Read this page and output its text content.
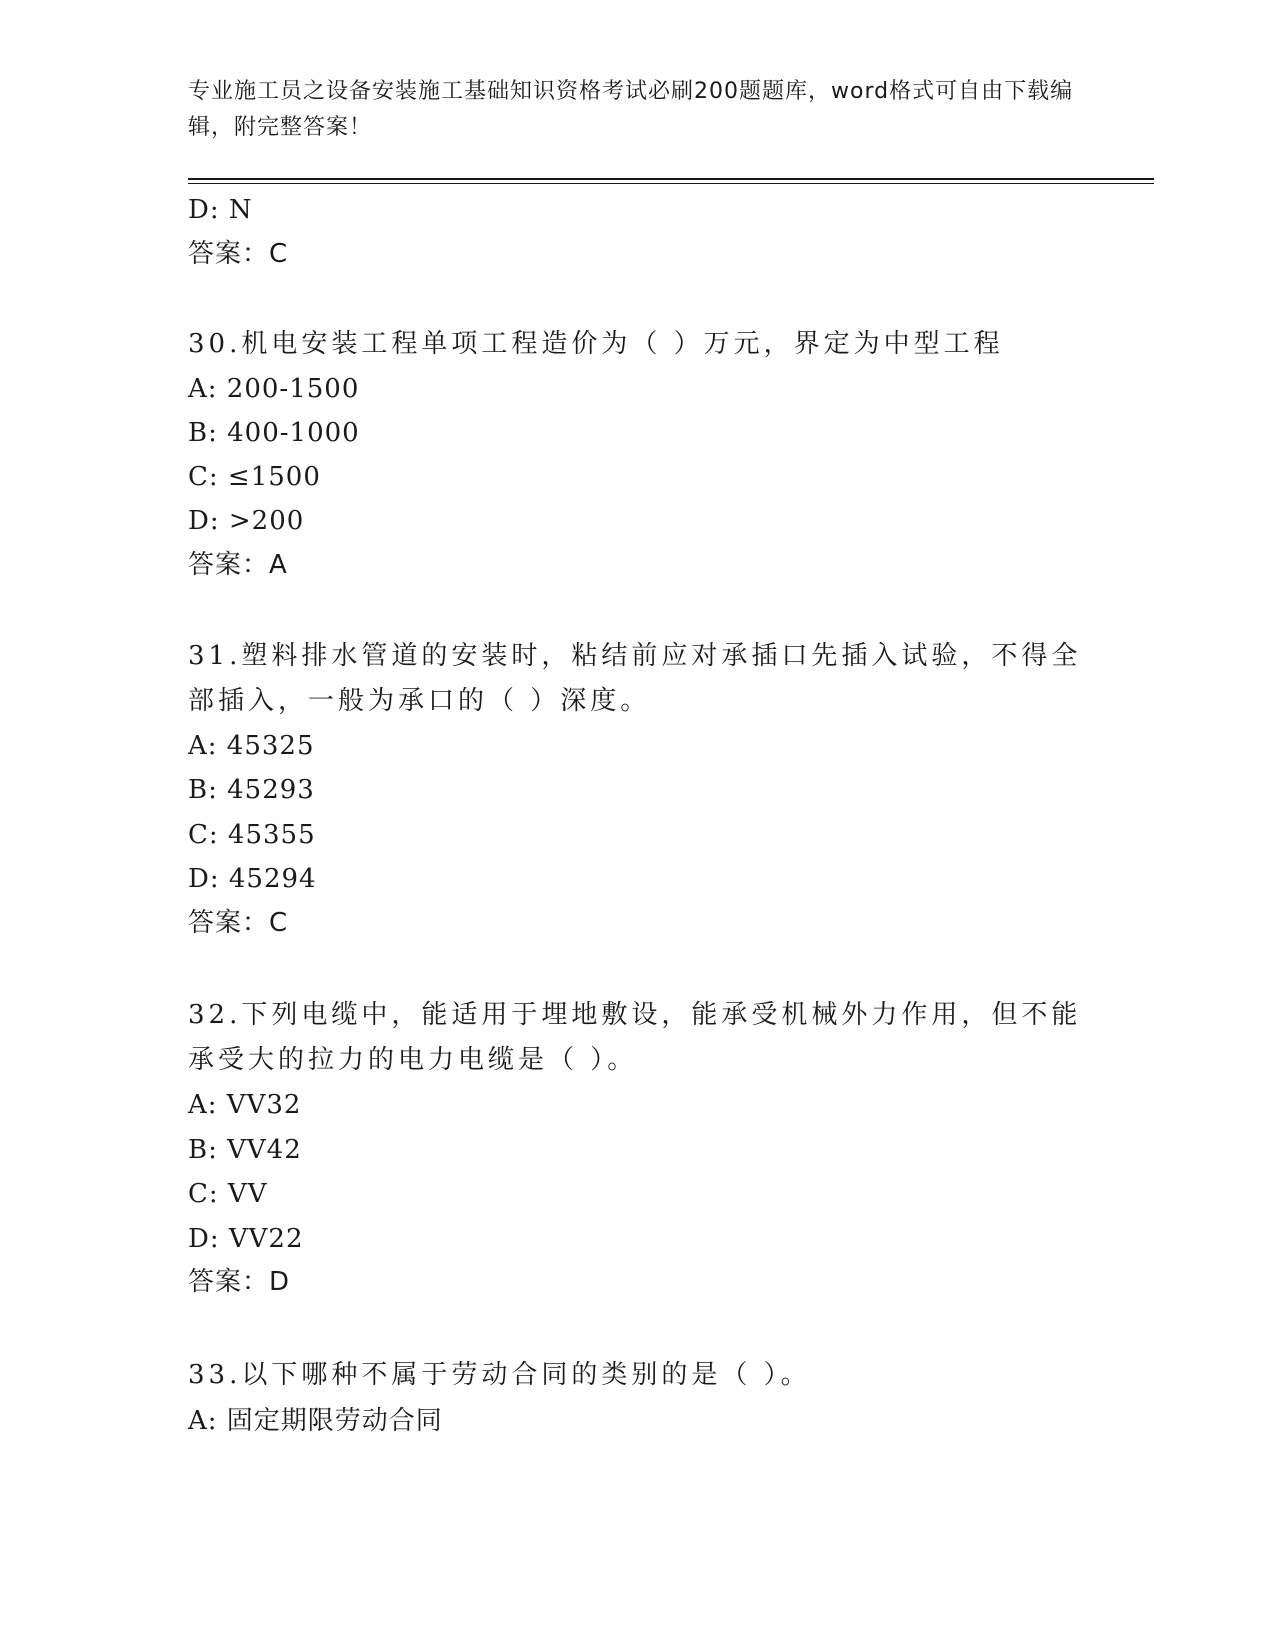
专业施工员之设备安装施工基础知识资格考试必刷200题题库，word格式可自由下载编辑，附完整答案！
D: N
答案：C
30.机电安装工程单项工程造价为（ ）万元，界定为中型工程
A: 200-1500
B: 400-1000
C: ≤1500
D: >200
答案：A
31.塑料排水管道的安装时，粘结前应对承插口先插入试验，不得全部插入，一般为承口的（ ）深度。
A: 45325
B: 45293
C: 45355
D: 45294
答案：C
32.下列电缆中，能适用于埋地敷设，能承受机械外力作用，但不能承受大的拉力的电力电缆是（ ）。
A: VV32
B: VV42
C: VV
D: VV22
答案：D
33.以下哪种不属于劳动合同的类别的是（ ）。
A: 固定期限劳动合同
